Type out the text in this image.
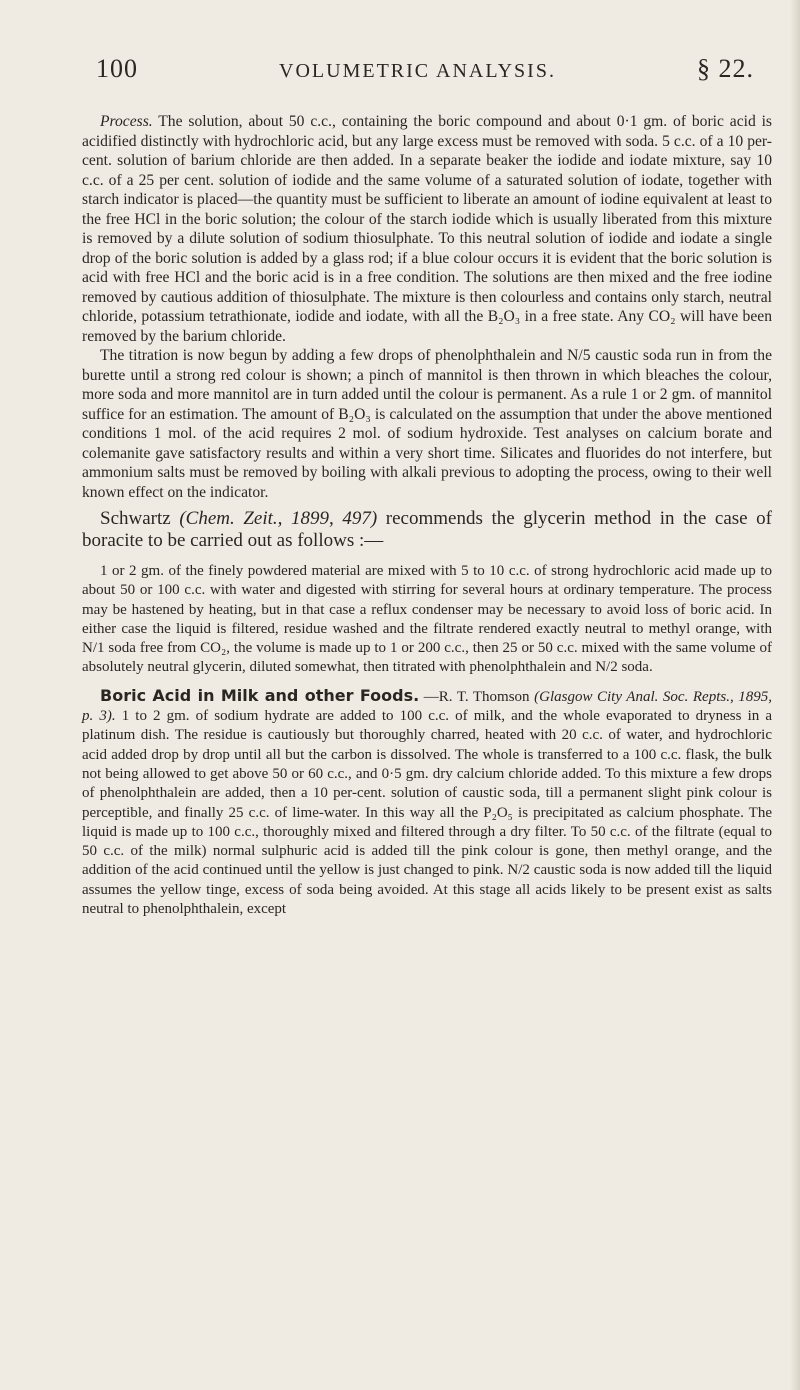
100	VOLUMETRIC ANALYSIS.	§ 22.

Process. The solution, about 50 c.c., containing the boric compound and about 0·1 gm. of boric acid is acidified distinctly with hydrochloric acid, but any large excess must be removed with soda. 5 c.c. of a 10 per-cent. solution of barium chloride are then added. In a separate beaker the iodide and iodate mixture, say 10 c.c. of a 25 per cent. solution of iodide and the same volume of a saturated solution of iodate, together with starch indicator is placed—the quantity must be sufficient to liberate an amount of iodine equivalent at least to the free HCl in the boric solution; the colour of the starch iodide which is usually liberated from this mixture is removed by a dilute solution of sodium thiosulphate. To this neutral solution of iodide and iodate a single drop of the boric solution is added by a glass rod; if a blue colour occurs it is evident that the boric solution is acid with free HCl and the boric acid is in a free condition. The solutions are then mixed and the free iodine removed by cautious addition of thiosulphate. The mixture is then colourless and contains only starch, neutral chloride, potassium tetrathionate, iodide and iodate, with all the B₂O₃ in a free state. Any CO₂ will have been removed by the barium chloride.

The titration is now begun by adding a few drops of phenolphthalein and N/5 caustic soda run in from the burette until a strong red colour is shown; a pinch of mannitol is then thrown in which bleaches the colour, more soda and more mannitol are in turn added until the colour is permanent. As a rule 1 or 2 gm. of mannitol suffice for an estimation. The amount of B₂O₃ is calculated on the assumption that under the above mentioned conditions 1 mol. of the acid requires 2 mol. of sodium hydroxide. Test analyses on calcium borate and colemanite gave satisfactory results and within a very short time. Silicates and fluorides do not interfere, but ammonium salts must be removed by boiling with alkali previous to adopting the process, owing to their well known effect on the indicator.

Schwartz (Chem. Zeit., 1899, 497) recommends the glycerin method in the case of boracite to be carried out as follows :—

1 or 2 gm. of the finely powdered material are mixed with 5 to 10 c.c. of strong hydrochloric acid made up to about 50 or 100 c.c. with water and digested with stirring for several hours at ordinary temperature. The process may be hastened by heating, but in that case a reflux condenser may be necessary to avoid loss of boric acid. In either case the liquid is filtered, residue washed and the filtrate rendered exactly neutral to methyl orange, with N/1 soda free from CO₂, the volume is made up to 1 or 200 c.c., then 25 or 50 c.c. mixed with the same volume of absolutely neutral glycerin, diluted somewhat, then titrated with phenolphthalein and N/2 soda.

Boric Acid in Milk and other Foods. —R. T. Thomson (Glasgow City Anal. Soc. Repts., 1895, p. 3). 1 to 2 gm. of sodium hydrate are added to 100 c.c. of milk, and the whole evaporated to dryness in a platinum dish. The residue is cautiously but thoroughly charred, heated with 20 c.c. of water, and hydrochloric acid added drop by drop until all but the carbon is dissolved. The whole is transferred to a 100 c.c. flask, the bulk not being allowed to get above 50 or 60 c.c., and 0·5 gm. dry calcium chloride added. To this mixture a few drops of phenolphthalein are added, then a 10 per-cent. solution of caustic soda, till a permanent slight pink colour is perceptible, and finally 25 c.c. of lime-water. In this way all the P₂O₅ is precipitated as calcium phosphate. The liquid is made up to 100 c.c., thoroughly mixed and filtered through a dry filter. To 50 c.c. of the filtrate (equal to 50 c.c. of the milk) normal sulphuric acid is added till the pink colour is gone, then methyl orange, and the addition of the acid continued until the yellow is just changed to pink. N/2 caustic soda is now added till the liquid assumes the yellow tinge, excess of soda being avoided. At this stage all acids likely to be present exist as salts neutral to phenolphthalein, except
